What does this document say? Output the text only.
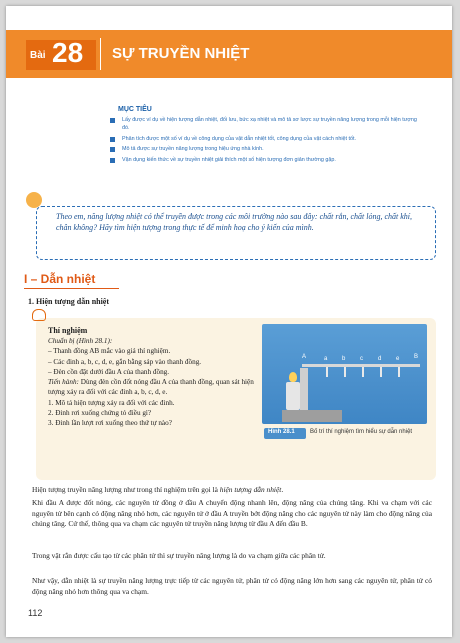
Bài 28 SỰ TRUYỀN NHIỆT
MỤC TIÊU
Lấy được ví dụ về hiện tượng dẫn nhiệt, đối lưu, bức xạ nhiệt và mô tả sơ lược sự truyền năng lượng trong mỗi hiện tượng đó.
Phân tích được một số ví dụ về công dụng của vật dẫn nhiệt tốt, công dụng của vật cách nhiệt tốt.
Mô tả được sự truyền năng lượng trong hiệu ứng nhà kính.
Vận dụng kiến thức về sự truyền nhiệt giải thích một số hiện tượng đơn giản thường gặp.

Theo em, năng lượng nhiệt có thể truyền được trong các môi trường nào sau đây: chất rắn, chất lỏng, chất khí, chân không? Hãy tìm hiện tượng trong thực tế để minh hoạ cho ý kiến của mình.

I – Dẫn nhiệt
1. Hiện tượng dẫn nhiệt
Thí nghiệm

Chuẩn bị (Hình 28.1):

– Thanh đồng AB mắc vào giá thí nghiệm.

– Các đinh a, b, c, d, e, gắn bằng sáp vào thanh đồng.

– Đèn cồn đặt dưới đầu A của thanh đồng.

Tiến hành: Dùng đèn cồn đốt nóng đầu A của thanh đồng, quan sát hiện tượng xảy ra đối với các đinh a, b, c, d, e.

1. Mô tả hiện tượng xảy ra đối với các đinh.

2. Đinh rơi xuống chứng tỏ điều gì?

3. Đinh lần lượt rơi xuống theo thứ tự nào?

A	a b c	d e B
Hình 28.1	Bố trí thí nghiệm tìm hiểu sự dẫn nhiệt

Hiện tượng truyền năng lượng như trong thí nghiệm trên gọi là hiện tượng dẫn nhiệt.

Khi đầu A được đốt nóng, các nguyên tử đồng ở đầu A chuyển động nhanh lên, động năng của chúng tăng. Khi va chạm với các nguyên tử bên cạnh có động năng nhỏ hơn, các nguyên tử ở đầu A truyền bớt động năng cho các nguyên tử này làm cho động năng của chúng tăng. Cứ thế, thông qua va chạm các nguyên tử truyền năng lượng từ đầu A đến đầu B.

Trong vật rắn được cấu tạo từ các phân tử thì sự truyền năng lượng là do va chạm giữa các phân tử.

Như vậy, dẫn nhiệt là sự truyền năng lượng trực tiếp từ các nguyên tử, phân tử có động năng lớn hơn sang các nguyên tử, phân tử có động năng nhỏ hơn thông qua va chạm.

112
